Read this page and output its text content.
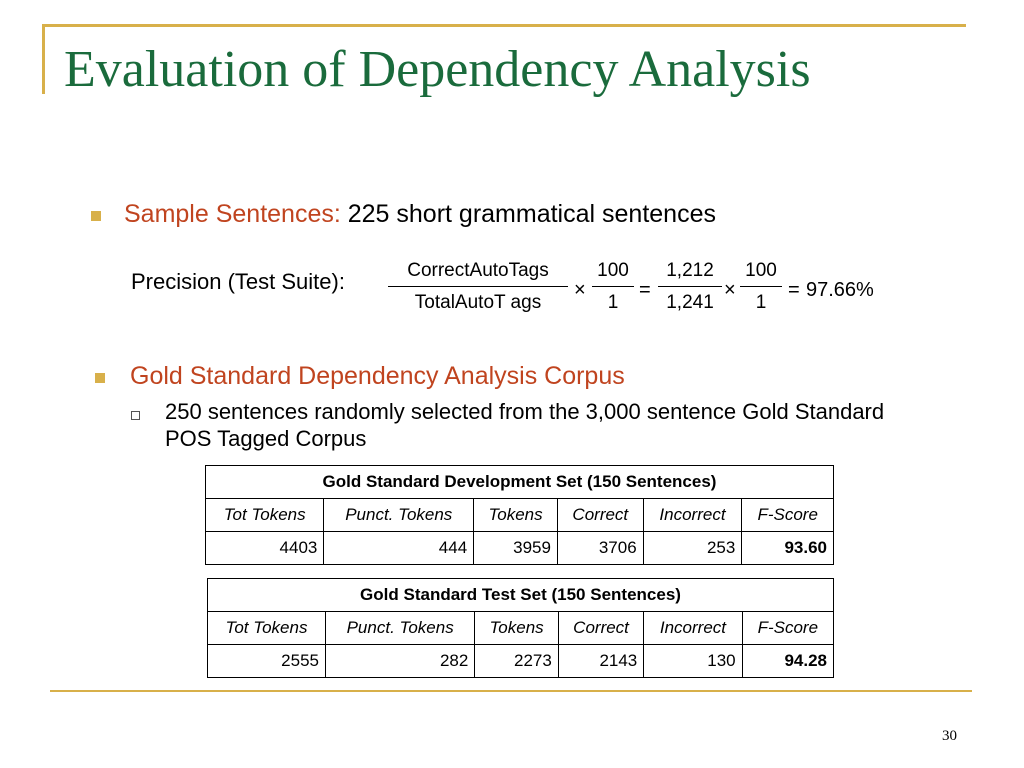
Evaluation of Dependency Analysis
Sample Sentences: 225 short grammatical sentences
Precision (Test Suite):	CorrectAutoTags
TotalAutoT ags
×
100
1
=
1,212
1,241
×
100
1
= 97.66%
Gold Standard Dependency Analysis Corpus
250 sentences randomly selected from the 3,000 sentence Gold Standard POS Tagged Corpus
Gold Standard Development Set (150 Sentences)					
Tot Tokens	Punct. Tokens	Tokens	Correct	Incorrect	F-Score
4403	444	3959	3706	253	93.60
Gold Standard Test Set (150 Sentences)					
Tot Tokens	Punct. Tokens	Tokens	Correct	Incorrect	F-Score
2555	282	2273	2143	130	94.28
30
